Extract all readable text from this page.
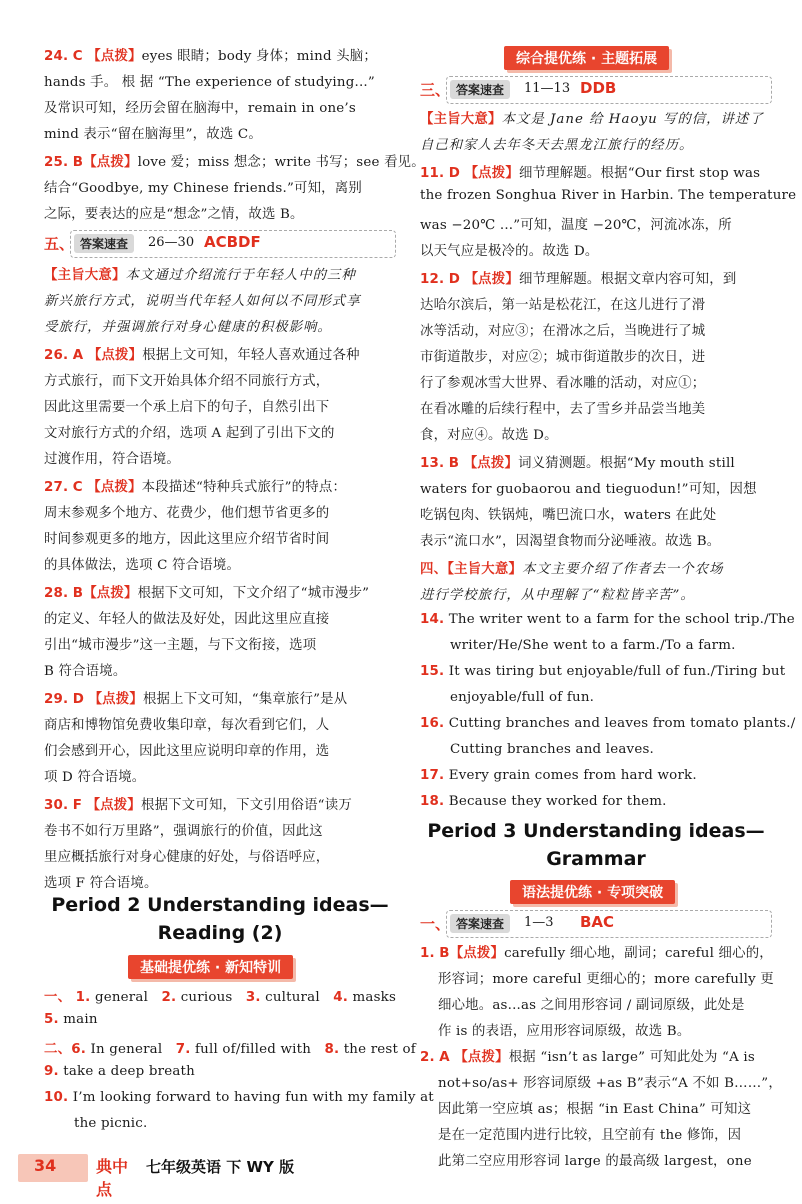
24. C 【点拨】eyes 眼睛；body 身体；mind 头脑；
hands 手。 根 据 “The experience of studying...”
及常识可知，经历会留在脑海中，remain in one’s
mind 表示“留在脑海里”，故选 C。
25. B【点拨】love 爱；miss 想念；write 书写；see 看见。
结合“Goodbye, my Chinese friends.”可知，离别
之际，要表达的应是“想念”之情，故选 B。
五、 答案速查	26—30 ACBDF
【主旨大意】本文通过介绍流行于年轻人中的三种
新兴旅行方式，说明当代年轻人如何以不同形式享
受旅行，并强调旅行对身心健康的积极影响。
26. A 【点拨】根据上文可知，年轻人喜欢通过各种
方式旅行，而下文开始具体介绍不同旅行方式，
因此这里需要一个承上启下的句子，自然引出下
文对旅行方式的介绍，选项 A 起到了引出下文的
过渡作用，符合语境。
27. C 【点拨】本段描述“特种兵式旅行”的特点：
周末参观多个地方、花费少，他们想节省更多的
时间参观更多的地方，因此这里应介绍节省时间
的具体做法，选项 C 符合语境。
28. B【点拨】根据下文可知，下文介绍了“城市漫步”
的定义、年轻人的做法及好处，因此这里应直接
引出“城市漫步”这一主题，与下文衔接，选项
B 符合语境。
29. D 【点拨】根据上下文可知，“集章旅行”是从
商店和博物馆免费收集印章，每次看到它们，人
们会感到开心，因此这里应说明印章的作用，选
项 D 符合语境。
30. F 【点拨】根据下文可知，下文引用俗语“读万
卷书不如行万里路”，强调旅行的价值，因此这
里应概括旅行对身心健康的好处，与俗语呼应，
选项 F 符合语境。
Period 2 Understanding ideas—
Reading (2)
基础提优练 · 新知特训
一、 1. general 2. curious 3. cultural 4. masks
5. main
二、6. In general 7. full of/filled with 8. the rest of
9. take a deep breath
10. I’m looking forward to having fun with my family at
the picnic.
综合提优练 · 主题拓展
三、 答案速查	11—13 DDB
【主旨大意】本文是 Jane 给 Haoyu 写的信，讲述了
自己和家人去年冬天去黑龙江旅行的经历。
11. D 【点拨】细节理解题。根据“Our first stop was
the frozen Songhua River in Harbin. The temperature
was −20℃ ...”可知，温度 −20℃，河流冰冻，所
以天气应是极冷的。故选 D。
12. D 【点拨】细节理解题。根据文章内容可知，到
达哈尔滨后，第一站是松花江，在这儿进行了滑
冰等活动，对应③；在滑冰之后，当晚进行了城
市街道散步，对应②；城市街道散步的次日，进
行了参观冰雪大世界、看冰雕的活动，对应①；
在看冰雕的后续行程中，去了雪乡并品尝当地美
食，对应④。故选 D。
13. B 【点拨】词义猜测题。根据“My mouth still
waters for guobaorou and tieguodun!”可知，因想
吃锅包肉、铁锅炖，嘴巴流口水，waters 在此处
表示“流口水”，因渴望食物而分泌唾液。故选 B。
四、【主旨大意】本文主要介绍了作者去一个农场
进行学校旅行，从中理解了“粒粒皆辛苦”。
14. The writer went to a farm for the school trip./The
writer/He/She went to a farm./To a farm.
15. It was tiring but enjoyable/full of fun./Tiring but
enjoyable/full of fun.
16. Cutting branches and leaves from tomato plants./
Cutting branches and leaves.
17. Every grain comes from hard work.
18. Because they worked for them.
Period 3 Understanding ideas—
Grammar
语法提优练 · 专项突破
一、 答案速查	1—3 BAC
1. B【点拨】carefully 细心地，副词；careful 细心的，
形容词；more careful 更细心的；more carefully 更
细心地。as...as 之间用形容词 / 副词原级，此处是
作 is 的表语，应用形容词原级，故选 B。
2. A 【点拨】根据 “isn’t as large” 可知此处为 “A is
not+so/as+ 形容词原级 +as B”表示“A 不如 B……”，
因此第一空应填 as；根据 “in East China” 可知这
是在一定范围内进行比较，且空前有 the 修饰，因
此第二空应用形容词 large 的最高级 largest，one
34 典中点
七年级英语 下 WY 版
